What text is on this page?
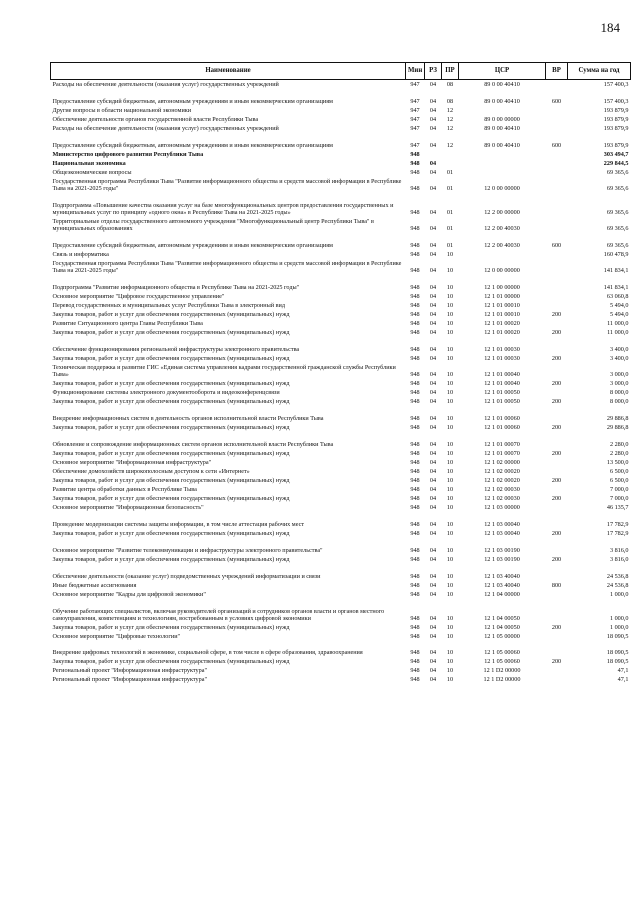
184
Наименование	Мин	РЗ	ПР	ЦСР	ВР	Сумма на год
Расходы на обеспечение деятельности (оказания услуг) государственных учреждений	947	04	08	89 0 00 40410		157 400,3
Предоставление субсидий бюджетным, автономным учреждениям и иным некоммерческим организациям	947	04	08	89 0 00 40410	600	157 400,3
Другие вопросы в области национальной экономики	947	04	12			193 879,9
Обеспечение деятельности органов государственной власти Республики Тыва	947	04	12	89 0 00 00000		193 879,9
Расходы на обеспечение деятельности (оказания услуг) государственных учреждений	947	04	12	89 0 00 40410		193 879,9
Предоставление субсидий бюджетным, автономным учреждениям и иным некоммерческим организациям	947	04	12	89 0 00 40410	600	193 879,9
Министерство цифрового развития Республики Тыва	948					303 494,7
Национальная экономика	948	04				229 844,5
Общеэкономические вопросы	948	04	01			69 365,6
Государственная программа Республики Тыва "Развитие информационного общества и средств массовой информации в Республике Тыва на 2021-2025 годы"	948	04	01	12 0 00 00000		69 365,6
Подпрограмма «Повышение качества оказания услуг на базе многофункциональных центров предоставления государственных и муниципальных услуг по принципу «одного окна» в Республике Тыва на 2021-2025 годы»	948	04	01	12 2 00 00000		69 365,6
Территориальные отделы государственного автономного учреждения "Многофункциональный центр Республики Тыва" в муниципальных образованиях	948	04	01	12 2 00 40030		69 365,6
Предоставление субсидий бюджетным, автономным учреждениям и иным некоммерческим организациям	948	04	01	12 2 00 40030	600	69 365,6
Связь и информатика	948	04	10			160 478,9
Государственная программа Республики Тыва "Развитие информационного общества и средств массовой информации в Республике Тыва на 2021-2025 годы"	948	04	10	12 0 00 00000		141 834,1
Подпрограмма "Развитие информационного общества в Республике Тыва на 2021-2025 годы"	948	04	10	12 1 00 00000		141 834,1
Основное мероприятие "Цифровое государственное управление"	948	04	10	12 1 01 00000		63 060,8
Перевод государственных и муниципальных услуг Республики Тыва в электронный вид	948	04	10	12 1 01 00010		5 494,0
Закупка товаров, работ и услуг для обеспечения государственных (муниципальных) нужд	948	04	10	12 1 01 00010	200	5 494,0
Развитие Ситуационного центра Главы Республики Тыва	948	04	10	12 1 01 00020		11 000,0
Закупка товаров, работ и услуг для обеспечения государственных (муниципальных) нужд	948	04	10	12 1 01 00020	200	11 000,0
Обеспечение функционирования региональной инфраструктуры электронного правительства	948	04	10	12 1 01 00030		3 400,0
Закупка товаров, работ и услуг для обеспечения государственных (муниципальных) нужд	948	04	10	12 1 01 00030	200	3 400,0
Техническая поддержка и развитие ГИС «Единая система управления кадрами государственной гражданской службы Республики Тыва»	948	04	10	12 1 01 00040		3 000,0
Закупка товаров, работ и услуг для обеспечения государственных (муниципальных) нужд	948	04	10	12 1 01 00040	200	3 000,0
Функционирование системы электронного документооборота и видеоконференцсвязи	948	04	10	12 1 01 00050		8 000,0
Закупка товаров, работ и услуг для обеспечения государственных (муниципальных) нужд	948	04	10	12 1 01 00050	200	8 000,0
Внедрение информационных систем в деятельность органов исполнительной власти Республики Тыва	948	04	10	12 1 01 00060		29 886,8
Закупка товаров, работ и услуг для обеспечения государственных (муниципальных) нужд	948	04	10	12 1 01 00060	200	29 886,8
Обновление и сопровождение информационных систем органов исполнительной власти Республики Тыва	948	04	10	12 1 01 00070		2 280,0
Закупка товаров, работ и услуг для обеспечения государственных (муниципальных) нужд	948	04	10	12 1 01 00070	200	2 280,0
Основное мероприятие "Информационная инфраструктура"	948	04	10	12 1 02 00000		13 500,0
Обеспечение домохозяйств широкополосным доступом к сети «Интернет»	948	04	10	12 1 02 00020		6 500,0
Закупка товаров, работ и услуг для обеспечения государственных (муниципальных) нужд	948	04	10	12 1 02 00020	200	6 500,0
Развитие центра обработки данных в Республике Тыва	948	04	10	12 1 02 00030		7 000,0
Закупка товаров, работ и услуг для обеспечения государственных (муниципальных) нужд	948	04	10	12 1 02 00030	200	7 000,0
Основное мероприятие "Информационная безопасность"	948	04	10	12 1 03 00000		46 135,7
Проведение модернизации системы защиты информации, в том числе аттестация рабочих мест	948	04	10	12 1 03 00040		17 782,9
Закупка товаров, работ и услуг для обеспечения государственных (муниципальных) нужд	948	04	10	12 1 03 00040	200	17 782,9
Основное мероприятие "Развитие телекоммуникации и инфраструктуры электронного правительства"	948	04	10	12 1 03 00190		3 816,0
Закупка товаров, работ и услуг для обеспечения государственных (муниципальных) нужд	948	04	10	12 1 03 00190	200	3 816,0
Обеспечение деятельности (оказание услуг) подведомственных учреждений информатизации и связи	948	04	10	12 1 03 40040		24 536,8
Иные бюджетные ассигнования	948	04	10	12 1 03 40040	800	24 536,8
Основное мероприятие "Кадры для цифровой экономики"	948	04	10	12 1 04 00000		1 000,0
Обучение работающих специалистов, включая руководителей организаций и сотрудников органов власти и органов местного самоуправления, компетенциям и технологиям, востребованным в условиях цифровой экономики	948	04	10	12 1 04 00050		1 000,0
Закупка товаров, работ и услуг для обеспечения государственных (муниципальных) нужд	948	04	10	12 1 04 00050	200	1 000,0
Основное мероприятие "Цифровые технологии"	948	04	10	12 1 05 00000		18 090,5
Внедрение цифровых технологий в экономике, социальной сфере, в том числе в сфере образования, здравоохранения	948	04	10	12 1 05 00060		18 090,5
Закупка товаров, работ и услуг для обеспечения государственных (муниципальных) нужд	948	04	10	12 1 05 00060	200	18 090,5
Региональный проект "Информационная инфраструктура"	948	04	10	12 1 D2 00000		47,1
Региональный проект "Информационная инфраструктура"	948	04	10	12 1 D2 00000		47,1
